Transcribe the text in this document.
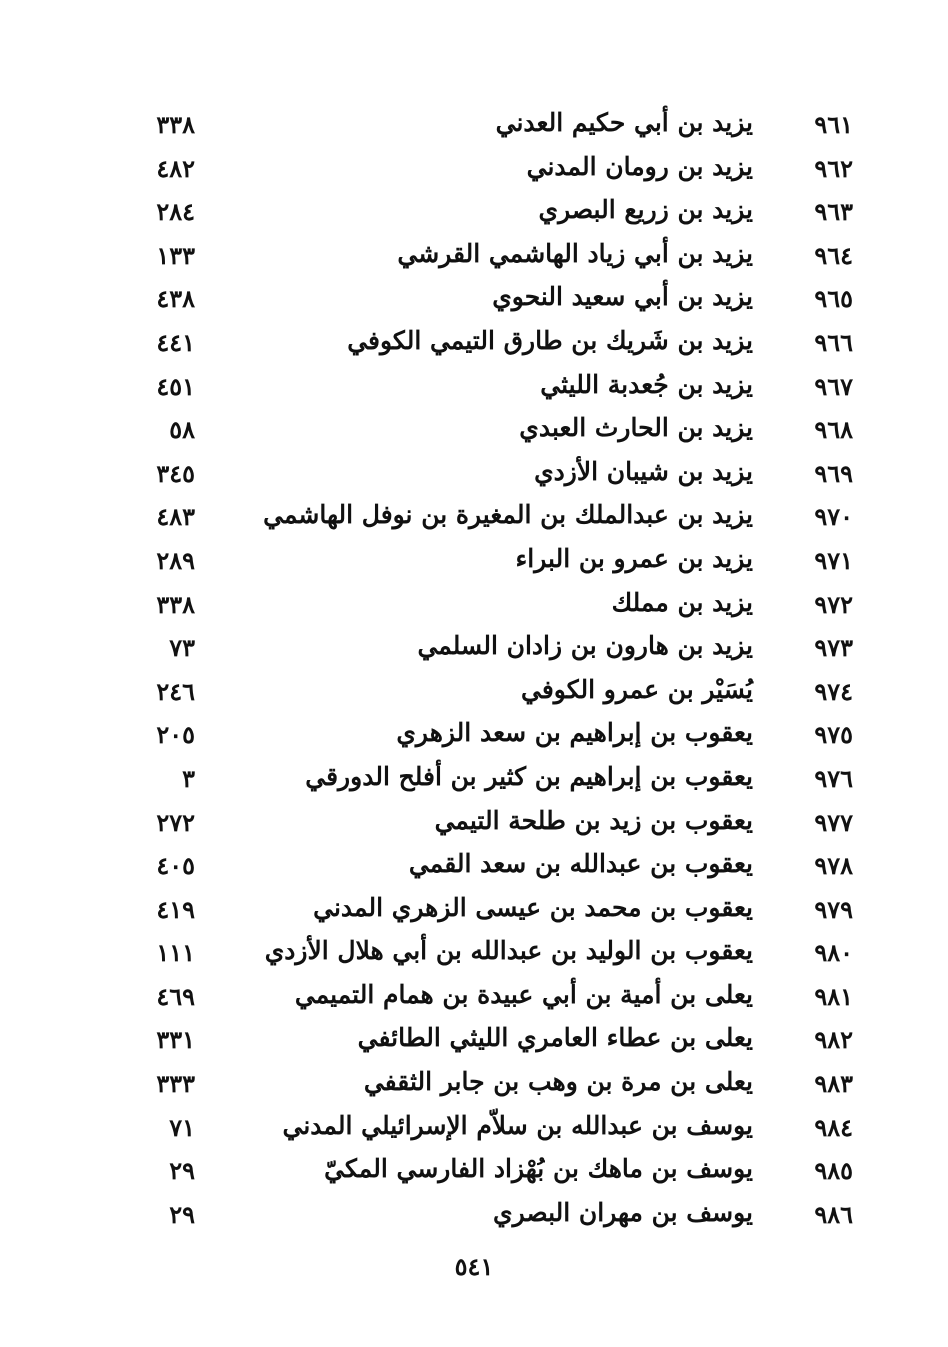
٩٦١
يزيد بن أبي حكيم العدني
٣٣٨
٩٦٢
يزيد بن رومان المدني
٤٨٢
٩٦٣
يزيد بن زريع البصري
٢٨٤
٩٦٤
يزيد بن أبي زياد الهاشمي القرشي
١٣٣
٩٦٥
يزيد بن أبي سعيد النحوي
٤٣٨
٩٦٦
يزيد بن شَريك بن طارق التيمي الكوفي
٤٤١
٩٦٧
يزيد بن جُعدبة الليثي
٤٥١
٩٦٨
يزيد بن الحارث العبدي
٥٨
٩٦٩
يزيد بن شيبان الأزدي
٣٤٥
٩٧٠
يزيد بن عبدالملك بن المغيرة بن نوفل الهاشمي
٤٨٣
٩٧١
يزيد بن عمرو بن البراء
٢٨٩
٩٧٢
يزيد بن مملك
٣٣٨
٩٧٣
يزيد بن هارون بن زادان السلمي
٧٣
٩٧٤
يُسَيْر بن عمرو الكوفي
٢٤٦
٩٧٥
يعقوب بن إبراهيم بن سعد الزهري
٢٠٥
٩٧٦
يعقوب بن إبراهيم بن كثير بن أفلح الدورقي
٣
٩٧٧
يعقوب بن زيد بن طلحة التيمي
٢٧٢
٩٧٨
يعقوب بن عبدالله بن سعد القمي
٤٠٥
٩٧٩
يعقوب بن محمد بن عيسى الزهري المدني
٤١٩
٩٨٠
يعقوب بن الوليد بن عبدالله بن أبي هلال الأزدي
١١١
٩٨١
يعلى بن أمية بن أبي عبيدة بن همام التميمي
٤٦٩
٩٨٢
يعلى بن عطاء العامري الليثي الطائفي
٣٣١
٩٨٣
يعلى بن مرة بن وهب بن جابر الثقفي
٣٣٣
٩٨٤
يوسف بن عبدالله بن سلاّم الإسرائيلي المدني
٧١
٩٨٥
يوسف بن ماهك بن بُهْزاد الفارسي المكيّ
٢٩
٩٨٦
يوسف بن مهران البصري
٢٩
٥٤١
